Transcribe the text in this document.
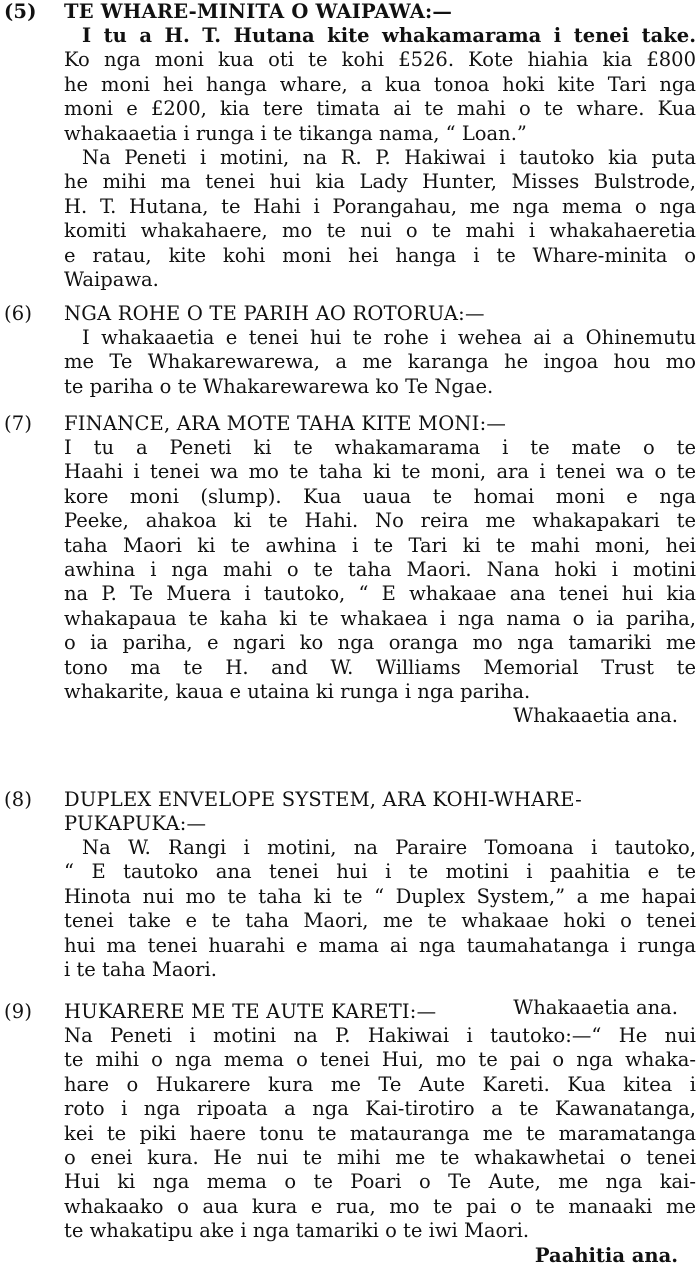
(5)	TE WHARE-MINITA O WAIPAWA:—
I tu a H. T. Hutana kite whakamarama i tenei take.
Ko nga moni kua oti te kohi £526. Kote hiahia kia £800
he moni hei hanga whare, a kua tonoa hoki kite Tari nga
moni e £200, kia tere timata ai te mahi o te whare. Kua
whakaaetia i runga i te tikanga nama, “ Loan.”
Na Peneti i motini, na R. P. Hakiwai i tautoko kia puta
he mihi ma tenei hui kia Lady Hunter, Misses Bulstrode,
H. T. Hutana, te Hahi i Porangahau, me nga mema o nga
komiti whakahaere, mo te nui o te mahi i whakahaeretia
e ratau, kite kohi moni hei hanga i te Whare-minita o
Waipawa.
(6)	NGA ROHE O TE PARIH AO ROTORUA:—
I whakaaetia e tenei hui te rohe i wehea ai a Ohinemutu
me Te Whakarewarewa, a me karanga he ingoa hou mo
te pariha o te Whakarewarewa ko Te Ngae.
(7)	FINANCE, ARA MOTE TAHA KITE MONI:—
I tu a Peneti ki te whakamarama i te mate o te
Haahi i tenei wa mo te taha ki te moni, ara i tenei wa o te
kore moni (slump). Kua uaua te homai moni e nga
Peeke, ahakoa ki te Hahi. No reira me whakapakari te
taha Maori ki te awhina i te Tari ki te mahi moni, hei
awhina i nga mahi o te taha Maori. Nana hoki i motini
na P. Te Muera i tautoko, “ E whakaae ana tenei hui kia
whakapaua te kaha ki te whakaea i nga nama o ia pariha,
o ia pariha, e ngari ko nga oranga mo nga tamariki me
tono ma te H. and W. Williams Memorial Trust te
whakarite, kaua e utaina ki runga i nga pariha.
Whakaaetia ana.
(8)	DUPLEX ENVELOPE SYSTEM, ARA KOHI-WHARE-
PUKAPUKA:—
Na W. Rangi i motini, na Paraire Tomoana i tautoko,
“ E tautoko ana tenei hui i te motini i paahitia e te
Hinota nui mo te taha ki te “ Duplex System,” a me hapai
tenei take e te taha Maori, me te whakaae hoki o tenei
hui ma tenei huarahi e mama ai nga taumahatanga i runga
i te taha Maori.
Whakaaetia ana.
(9)	HUKARERE ME TE AUTE KARETI:—
Na Peneti i motini na P. Hakiwai i tautoko:—“ He nui
te mihi o nga mema o tenei Hui, mo te pai o nga whaka-
hare o Hukarere kura me Te Aute Kareti. Kua kitea i
roto i nga ripoata a nga Kai-tirotiro a te Kawanatanga,
kei te piki haere tonu te matauranga me te maramatanga
o enei kura. He nui te mihi me te whakawhetai o tenei
Hui ki nga mema o te Poari o Te Aute, me nga kai-
whakaako o aua kura e rua, mo te pai o te manaaki me
te whakatipu ake i nga tamariki o te iwi Maori.
Paahitia ana.
